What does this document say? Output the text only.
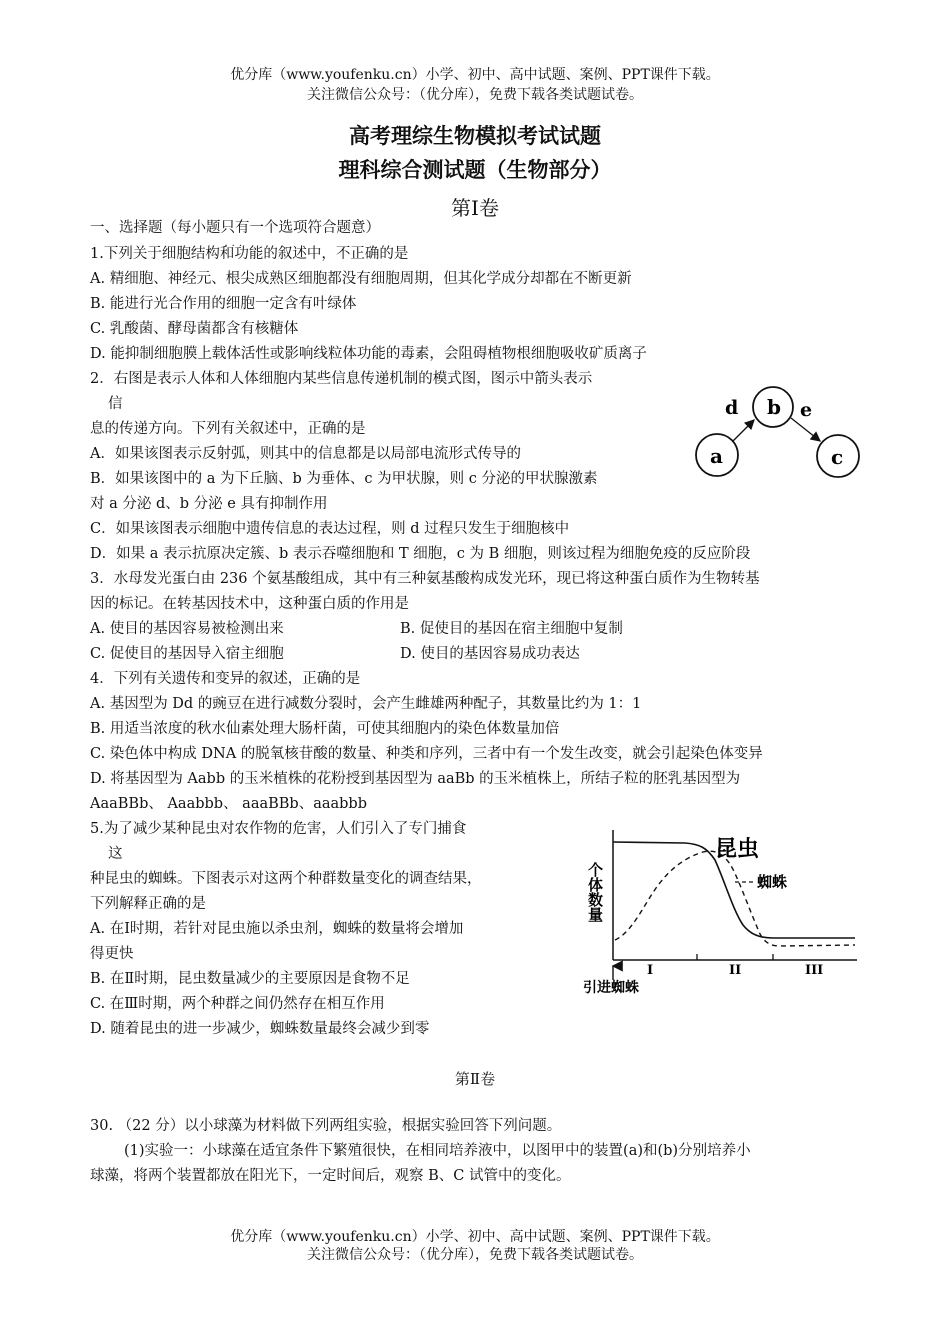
优分库（www.youfenku.cn）小学、初中、高中试题、案例、PPT课件下载。
关注微信公众号：（优分库），免费下载各类试题试卷。
高考理综生物模拟考试试题
理科综合测试题（生物部分）
第Ⅰ卷
一、选择题（每小题只有一 ...个选项符合题意）
1.下列关于细胞结构和功能的叙述中，不正确的是
A. 精细胞、神经元、根尖成熟区细胞都没有细胞周期，但其化学成分却都在不断更新
B. 能进行光合作用的细胞一定含有叶绿体
C. 乳酸菌、酵母菌都含有核糖体
D. 能抑制细胞膜上载体活性或影响线粒体功能的毒素，会阻碍植物根细胞吸收矿质离子
2．右图是表示人体和人体细胞内某些信息传递机制的模式图，图示中箭头表示
信
息的传递方向。下列有关叙述中，正确的是
A．如果该图表示反射弧，则其中的信息都是以局部电流形式传导的
B．如果该图中的 a 为下丘脑、b 为垂体、c 为甲状腺，则 c 分泌的甲状腺激素
对 a 分泌 d、b 分泌 e 具有抑制作用
C．如果该图表示细胞中遗传信息的表达过程，则 d 过程只发生于细胞核中
D．如果 a 表示抗原决定簇、b 表示吞噬细胞和 T 细胞，c 为 B 细胞，则该过程为细胞免疫的反应阶段
b
a	c
d	e
3．水母发光蛋白由 236 个氨基酸组成，其中有三种氨基酸构成发光环，现已将这种蛋白质作为生物转基
因的标记。在转基因技术中，这种蛋白质的作用是
A. 使目的基因容易被检测出来	B. 促使目的基因在宿主细胞中复制
C. 促使目的基因导入宿主细胞	D. 使目的基因容易成功表达
4．下列有关遗传和变异的叙述，正确的是
A. 基因型为 Dd 的豌豆在进行减数分裂时，会产生雌雄两种配子，其数量比约为 1：1
B. 用适当浓度的秋水仙素处理大肠杆菌，可使其细胞内的染色体数量加倍
C. 染色体中构成 DNA 的脱氧核苷酸的数量、种类和序列，三者中有一个发生改变，就会引起染色体变异
D. 将基因型为 Aabb 的玉米植株的花粉授到基因型为 aaBb 的玉米植株上，所结子粒的胚乳基因型为
AaaBBb、 Aaabbb、 aaaBBb、aaabbb
5.为了减少某种昆虫对农作物的危害，人们引入了专门捕食
这
种昆虫的蜘蛛。下图表示对这两个种群数量变化的调查结果，
下列解释正确的是
A. 在Ⅰ时期，若针对昆虫施以杀虫剂，蜘蛛的数量将会增加
得更快
B. 在Ⅱ时期，昆虫数量减少的主要原因是食物不足
C. 在Ⅲ时期，两个种群之间仍然存在相互作用
D. 随着昆虫的进一步减少，蜘蛛数量最终会减少到零
个体数量
昆虫
蜘蛛
I	II	III
引进蜘蛛
第Ⅱ卷
30. （22 分）以小球藻为材料做下列两组实验，根据实验回答下列问题。
(1)实验一：小球藻在适宜条件下繁殖很快，在相同培养液中，以图甲中的装置(a)和(b)分别培养小
球藻，将两个装置都放在阳光下，一定时间后，观察 B、C 试管中的变化。
优分库（www.youfenku.cn）小学、初中、高中试题、案例、PPT课件下载。
关注微信公众号：（优分库），免费下载各类试题试卷。
